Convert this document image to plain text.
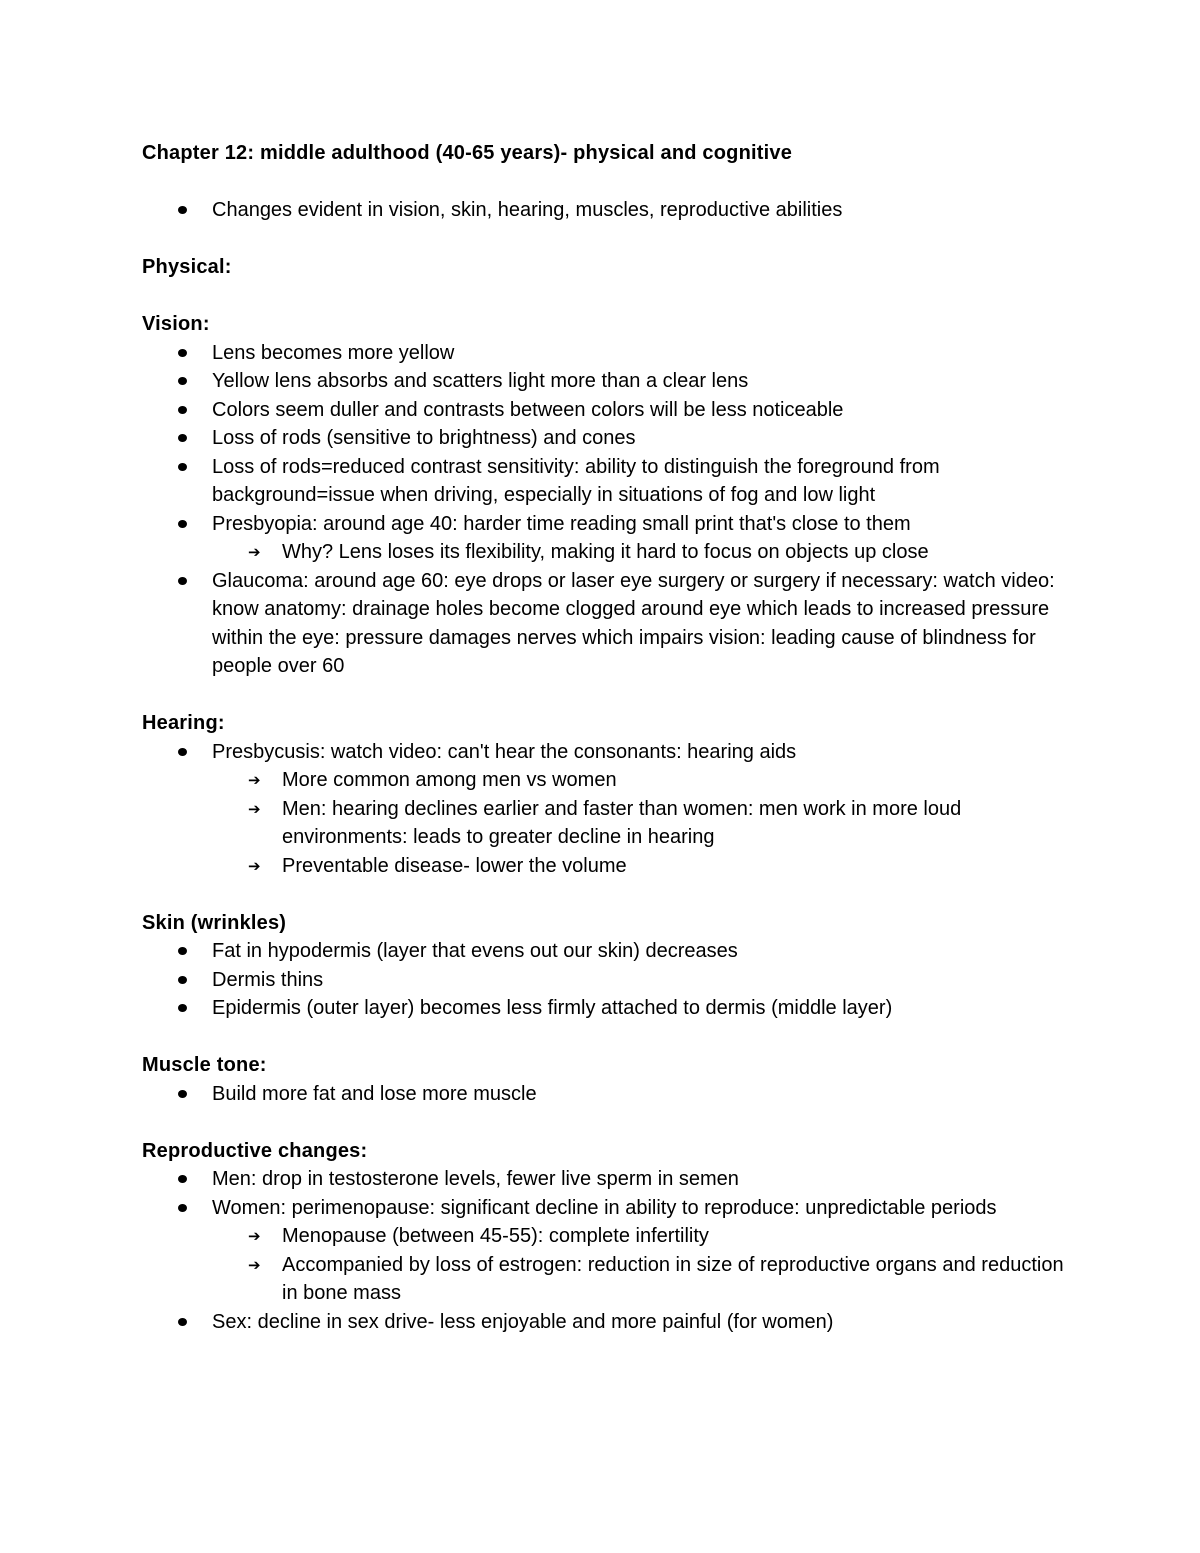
Chapter 12: middle adulthood (40-65 years)- physical and cognitive
Changes evident in vision, skin, hearing, muscles, reproductive abilities
Physical:
Vision:
Lens becomes more yellow
Yellow lens absorbs and scatters light more than a clear lens
Colors seem duller and contrasts between colors will be less noticeable
Loss of rods (sensitive to brightness) and cones
Loss of rods=reduced contrast sensitivity: ability to distinguish the foreground from background=issue when driving, especially in situations of fog and low light
Presbyopia: around age 40: harder time reading small print that's close to them
➔ Why? Lens loses its flexibility, making it hard to focus on objects up close
Glaucoma: around age 60: eye drops or laser eye surgery or surgery if necessary: watch video: know anatomy: drainage holes become clogged around eye which leads to increased pressure within the eye: pressure damages nerves which impairs vision: leading cause of blindness for people over 60
Hearing:
Presbycusis: watch video: can't hear the consonants: hearing aids
➔ More common among men vs women
➔ Men: hearing declines earlier and faster than women: men work in more loud environments: leads to greater decline in hearing
➔ Preventable disease- lower the volume
Skin (wrinkles)
Fat in hypodermis (layer that evens out our skin) decreases
Dermis thins
Epidermis (outer layer) becomes less firmly attached to dermis (middle layer)
Muscle tone:
Build more fat and lose more muscle
Reproductive changes:
Men: drop in testosterone levels, fewer live sperm in semen
Women: perimenopause: significant decline in ability to reproduce: unpredictable periods
➔ Menopause (between 45-55): complete infertility
➔ Accompanied by loss of estrogen: reduction in size of reproductive organs and reduction in bone mass
Sex: decline in sex drive- less enjoyable and more painful (for women)
